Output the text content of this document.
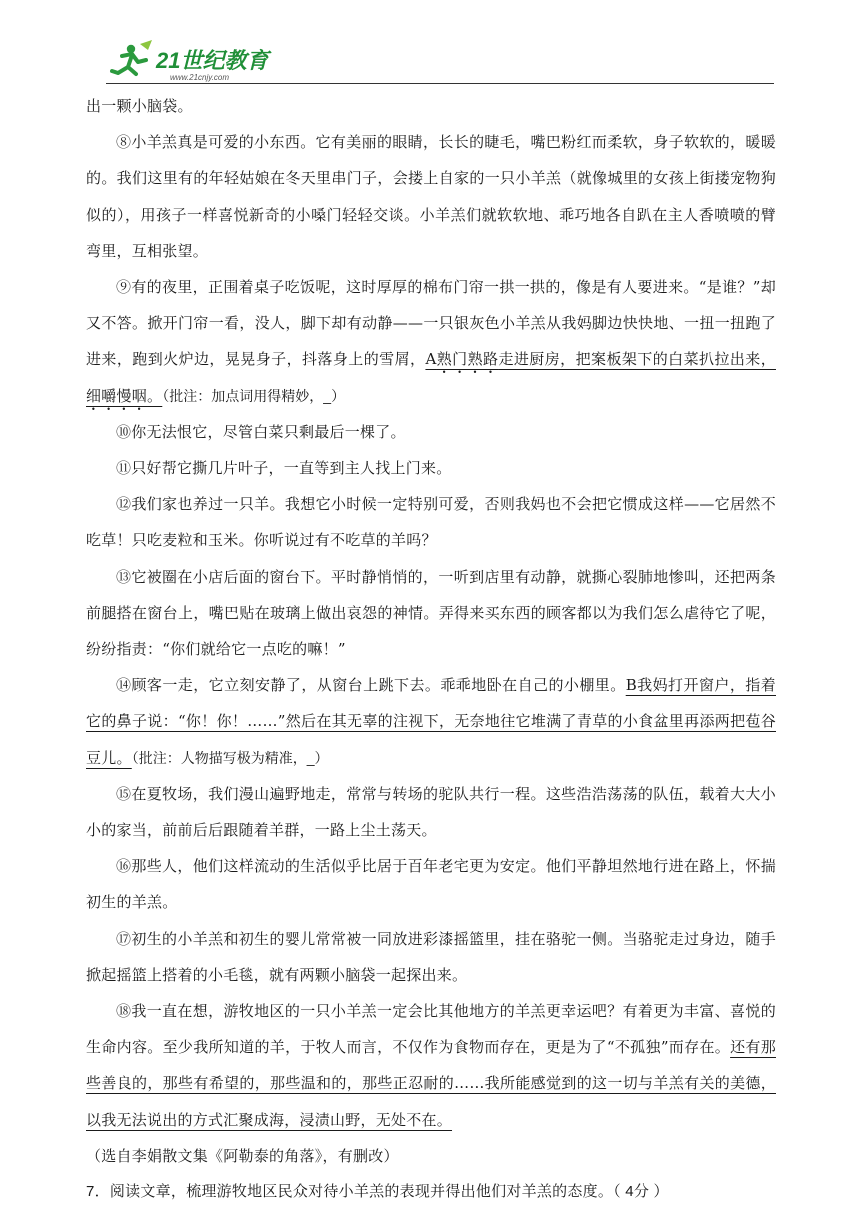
21世纪教育
www.21cnjy.com

出一颗小脑袋。

⑧小羊羔真是可爱的小东西。它有美丽的眼睛，长长的睫毛，嘴巴粉红而柔软，身子软软的，暖暖的。我们这里有的年轻姑娘在冬天里串门子，会搂上自家的一只小羊羔（就像城里的女孩上街搂宠物狗似的），用孩子一样喜悦新奇的小嗓门轻轻交谈。小羊羔们就软软地、乖巧地各自趴在主人香喷喷的臂弯里，互相张望。

⑨有的夜里，正围着桌子吃饭呢，这时厚厚的棉布门帘一拱一拱的，像是有人要进来。“是谁？”却又不答。掀开门帘一看，没人，脚下却有动静——一只银灰色小羊羔从我妈脚边快快地、一扭一扭跑了进来，跑到火炉边，晃晃身子，抖落身上的雪屑，A熟门熟路走进厨房，把案板架下的白菜扒拉出来，细嚼慢咽。（批注：加点词用得精妙，_）

⑩你无法恨它，尽管白菜只剩最后一棵了。

⑪只好帮它撕几片叶子，一直等到主人找上门来。

⑫我们家也养过一只羊。我想它小时候一定特别可爱，否则我妈也不会把它惯成这样——它居然不吃草！只吃麦粒和玉米。你听说过有不吃草的羊吗？

⑬它被圈在小店后面的窗台下。平时静悄悄的，一听到店里有动静，就撕心裂肺地惨叫，还把两条前腿搭在窗台上，嘴巴贴在玻璃上做出哀怨的神情。弄得来买东西的顾客都以为我们怎么虐待它了呢，纷纷指责：“你们就给它一点吃的嘛！”

⑭顾客一走，它立刻安静了，从窗台上跳下去。乖乖地卧在自己的小棚里。B我妈打开窗户，指着它的鼻子说：“你！你！……”然后在其无辜的注视下，无奈地往它堆满了青草的小食盆里再添两把苞谷豆儿。（批注：人物描写极为精准，_）

⑮在夏牧场，我们漫山遍野地走，常常与转场的驼队共行一程。这些浩浩荡荡的队伍，载着大大小小的家当，前前后后跟随着羊群，一路上尘土荡天。

⑯那些人，他们这样流动的生活似乎比居于百年老宅更为安定。他们平静坦然地行进在路上，怀揣初生的羊羔。

⑰初生的小羊羔和初生的婴儿常常被一同放进彩漆摇篮里，挂在骆驼一侧。当骆驼走过身边，随手掀起摇篮上搭着的小毛毯，就有两颗小脑袋一起探出来。

⑱我一直在想，游牧地区的一只小羊羔一定会比其他地方的羊羔更幸运吧？有着更为丰富、喜悦的生命内容。至少我所知道的羊，于牧人而言，不仅作为食物而存在，更是为了“不孤独”而存在。还有那些善良的，那些有希望的，那些温和的，那些正忍耐的……我所能感觉到的这一切与羊羔有关的美德，以我无法说出的方式汇聚成海，浸渍山野，无处不在。

（选自李娟散文集《阿勒泰的角落》，有删改）

7．阅读文章，梳理游牧地区民众对待小羊羔的表现并得出他们对羊羔的态度。（ 4分 ）
